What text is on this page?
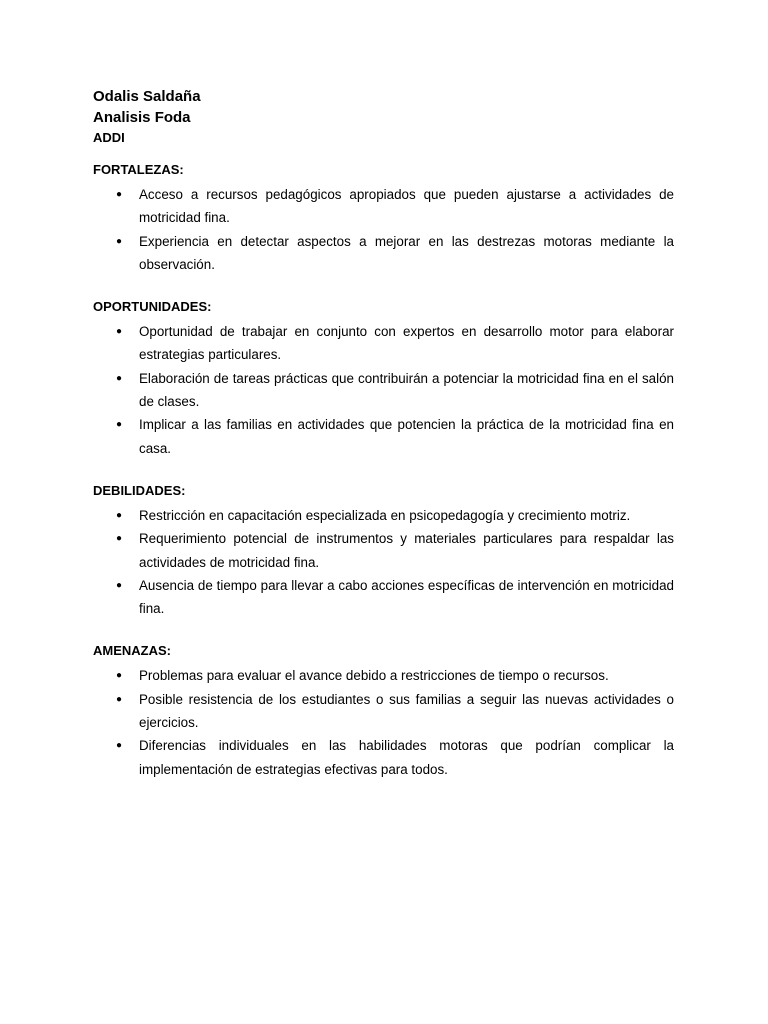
Odalis Saldaña

Analisis Foda

ADDI

FORTALEZAS:

● Acceso a recursos pedagógicos apropiados que pueden ajustarse a actividades de motricidad fina.
● Experiencia en detectar aspectos a mejorar en las destrezas motoras mediante la observación.

OPORTUNIDADES:

● Oportunidad de trabajar en conjunto con expertos en desarrollo motor para elaborar estrategias particulares.
● Elaboración de tareas prácticas que contribuirán a potenciar la motricidad fina en el salón de clases.
● Implicar a las familias en actividades que potencien la práctica de la motricidad fina en casa.

DEBILIDADES:

● Restricción en capacitación especializada en psicopedagogía y crecimiento motriz.
● Requerimiento potencial de instrumentos y materiales particulares para respaldar las actividades de motricidad fina.
● Ausencia de tiempo para llevar a cabo acciones específicas de intervención en motricidad fina.

AMENAZAS:

● Problemas para evaluar el avance debido a restricciones de tiempo o recursos.
● Posible resistencia de los estudiantes o sus familias a seguir las nuevas actividades o ejercicios.
● Diferencias individuales en las habilidades motoras que podrían complicar la implementación de estrategias efectivas para todos.
